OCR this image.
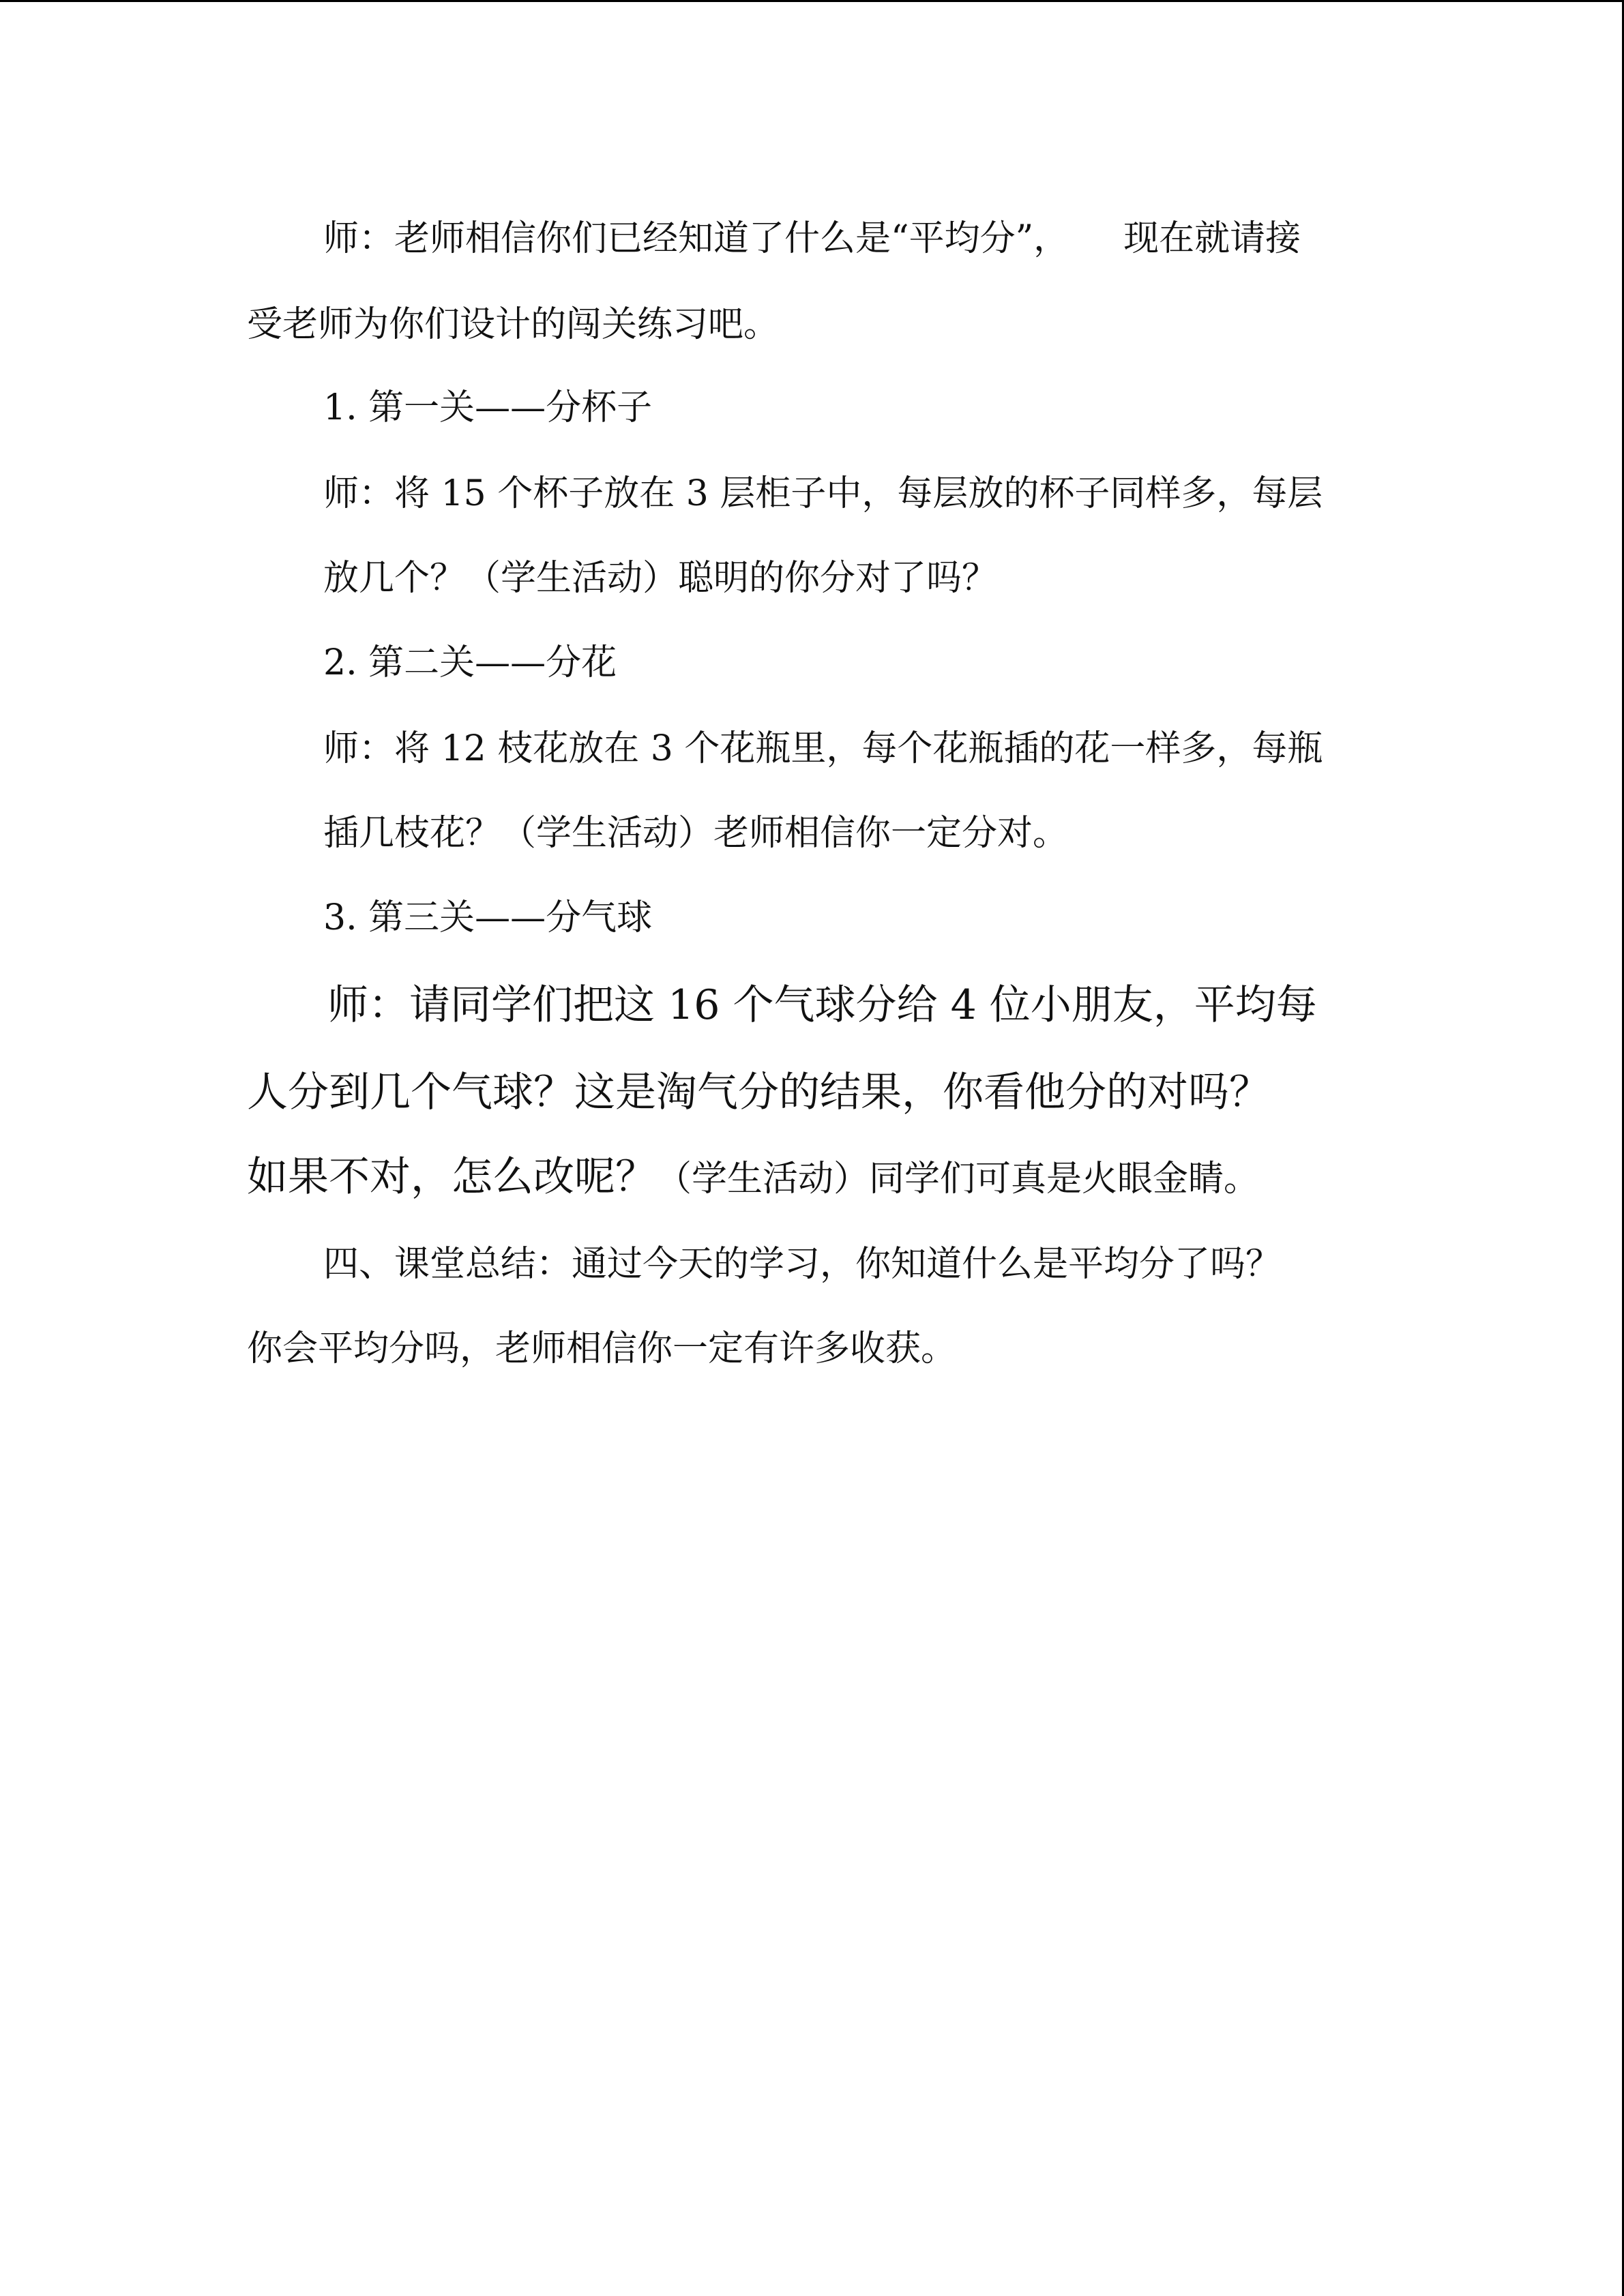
师：老师相信你们已经知道了什么是“平均分”， 现在就请接
受老师为你们设计的闯关练习吧。
1. 第一关——分杯子
师：将 15 个杯子放在 3 层柜子中，每层放的杯子同样多，每层
放几个？（学生活动）聪明的你分对了吗？
2. 第二关——分花
师：将 12 枝花放在 3 个花瓶里，每个花瓶插的花一样多，每瓶
插几枝花？（学生活动）老师相信你一定分对。
3. 第三关——分气球
师：请同学们把这 16 个气球分给 4 位小朋友，平均每
人分到几个气球？这是淘气分的结果，你看他分的对吗？
如果不对，怎么改呢？（学生活动）同学们可真是火眼金睛。
四、课堂总结：通过今天的学习，你知道什么是平均分了吗？
你会平均分吗，老师相信你一定有许多收获。
